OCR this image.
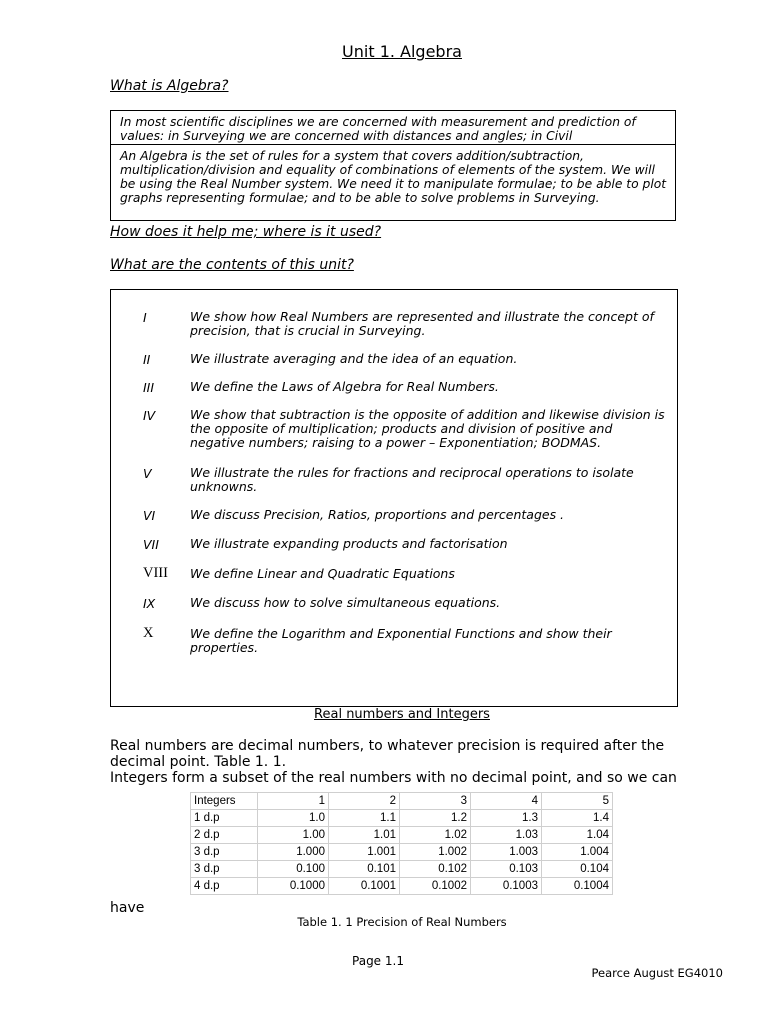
Unit 1. Algebra
What is Algebra?
In most scientific disciplines we are concerned with measurement and prediction of values: in Surveying we are concerned with distances and angles; in Civil
An Algebra is the set of rules for a system that covers addition/subtraction, multiplication/division and equality of combinations of elements of the system. We will be using the Real Number system. We need it to manipulate formulae; to be able to plot graphs representing formulae; and to be able to solve problems in Surveying.
How does it help me; where is it used?
What are the contents of this unit?
I	We show how Real Numbers are represented and illustrate the concept of precision, that is crucial in Surveying.
II	We illustrate averaging and the idea of an equation.
III	We define the Laws of Algebra for Real Numbers.
IV	We show that subtraction is the opposite of addition and likewise division is the opposite of multiplication; products and division of positive and negative numbers; raising to a power – Exponentiation; BODMAS.
V	We illustrate the rules for fractions and reciprocal operations to isolate unknowns.
VI	We discuss Precision, Ratios, proportions and percentages .
VII We illustrate expanding products and factorisation
VIII We define Linear and Quadratic Equations
IX	We discuss how to solve simultaneous equations.
X	We define the Logarithm and Exponential Functions and show their properties.
Real numbers and Integers
Real numbers are decimal numbers, to whatever precision is required after the decimal point. Table 1. 1.
Integers form a subset of the real numbers with no decimal point, and so we can
Integers	1	2	3	4	5
1 d.p	1.0	1.1	1.2	1.3	1.4
2 d.p	1.00	1.01	1.02	1.03	1.04
3 d.p	1.000	1.001	1.002	1.003	1.004
3 d.p	0.100	0.101	0.102	0.103	0.104
4 d.p	0.1000	0.1001	0.1002	0.1003	0.1004
have
Table 1. 1 Precision of Real Numbers
Page 1.1
Pearce August EG4010
